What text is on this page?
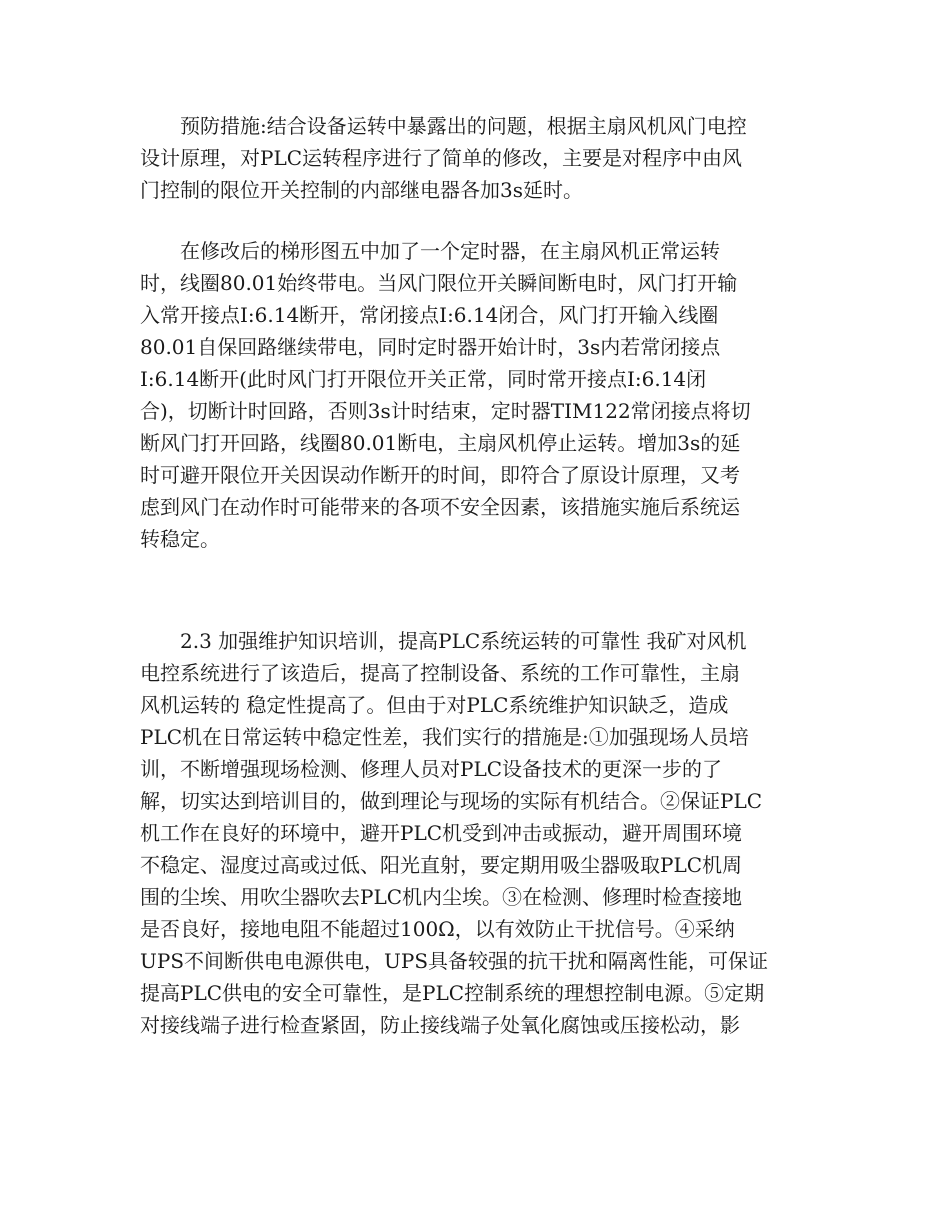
　　预防措施:结合设备运转中暴露出的问题，根据主扇风机风门电控
设计原理，对PLC运转程序进行了简单的修改，主要是对程序中由风
门控制的限位开关控制的内部继电器各加3s延时。
　　在修改后的梯形图五中加了一个定时器，在主扇风机正常运转
时，线圈80.01始终带电。当风门限位开关瞬间断电时，风门打开输
入常开接点I:6.14断开，常闭接点I:6.14闭合，风门打开输入线圈
80.01自保回路继续带电，同时定时器开始计时，3s内若常闭接点
I:6.14断开(此时风门打开限位开关正常，同时常开接点I:6.14闭
合)，切断计时回路，否则3s计时结束，定时器TIM122常闭接点将切
断风门打开回路，线圈80.01断电，主扇风机停止运转。增加3s的延
时可避开限位开关因误动作断开的时间，即符合了原设计原理，又考
虑到风门在动作时可能带来的各项不安全因素，该措施实施后系统运
转稳定。
　　2.3 加强维护知识培训，提高PLC系统运转的可靠性 我矿对风机
电控系统进行了该造后，提高了控制设备、系统的工作可靠性，主扇
风机运转的 稳定性提高了。但由于对PLC系统维护知识缺乏，造成
PLC机在日常运转中稳定性差，我们实行的措施是:①加强现场人员培
训，不断增强现场检测、修理人员对PLC设备技术的更深一步的了
解，切实达到培训目的，做到理论与现场的实际有机结合。②保证PLC
机工作在良好的环境中，避开PLC机受到冲击或振动，避开周围环境
不稳定、湿度过高或过低、阳光直射，要定期用吸尘器吸取PLC机周
围的尘埃、用吹尘器吹去PLC机内尘埃。③在检测、修理时检查接地
是否良好，接地电阻不能超过100Ω，以有效防止干扰信号。④采纳
UPS不间断供电电源供电，UPS具备较强的抗干扰和隔离性能，可保证
提高PLC供电的安全可靠性，是PLC控制系统的理想控制电源。⑤定期
对接线端子进行检查紧固，防止接线端子处氧化腐蚀或压接松动，影
